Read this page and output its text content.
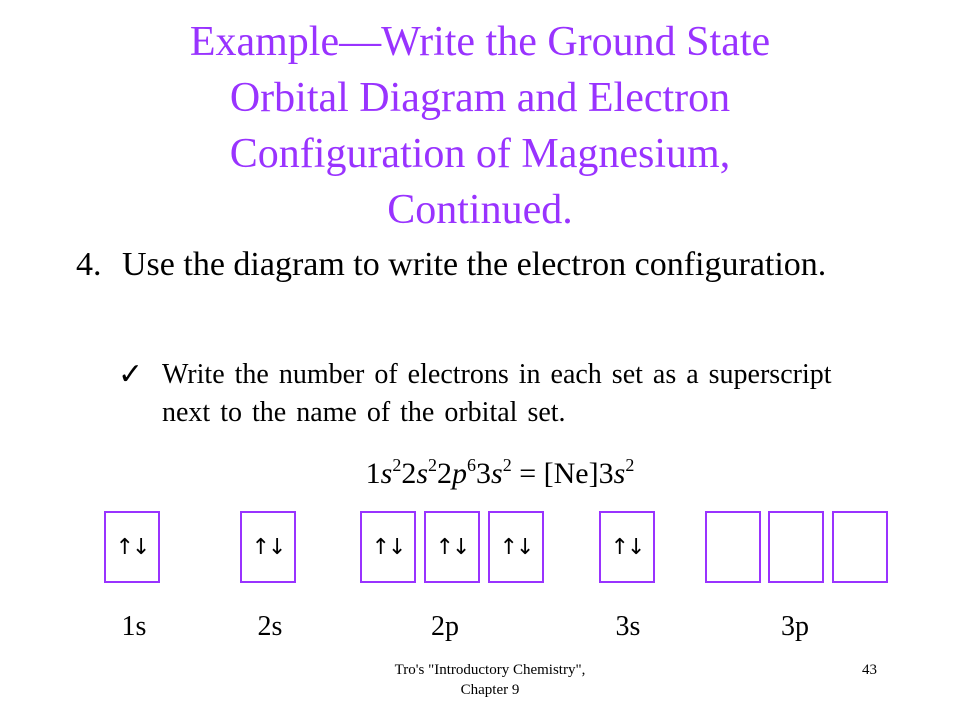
Example—Write the Ground State
Orbital Diagram and Electron
Configuration of Magnesium,
Continued.
4. Use the diagram to write the electron configuration.
✓ Write the number of electrons in each set as a superscript next to the name of the orbital set.
$1s^22s^22p^63s^2 = [Ne]3s^2$
↑↓	↑↓	↑↓ ↑↓ ↑↓	↑↓
1s	2s	2p	3s	3p
Tro's "Introductory Chemistry",
Chapter 9
43
